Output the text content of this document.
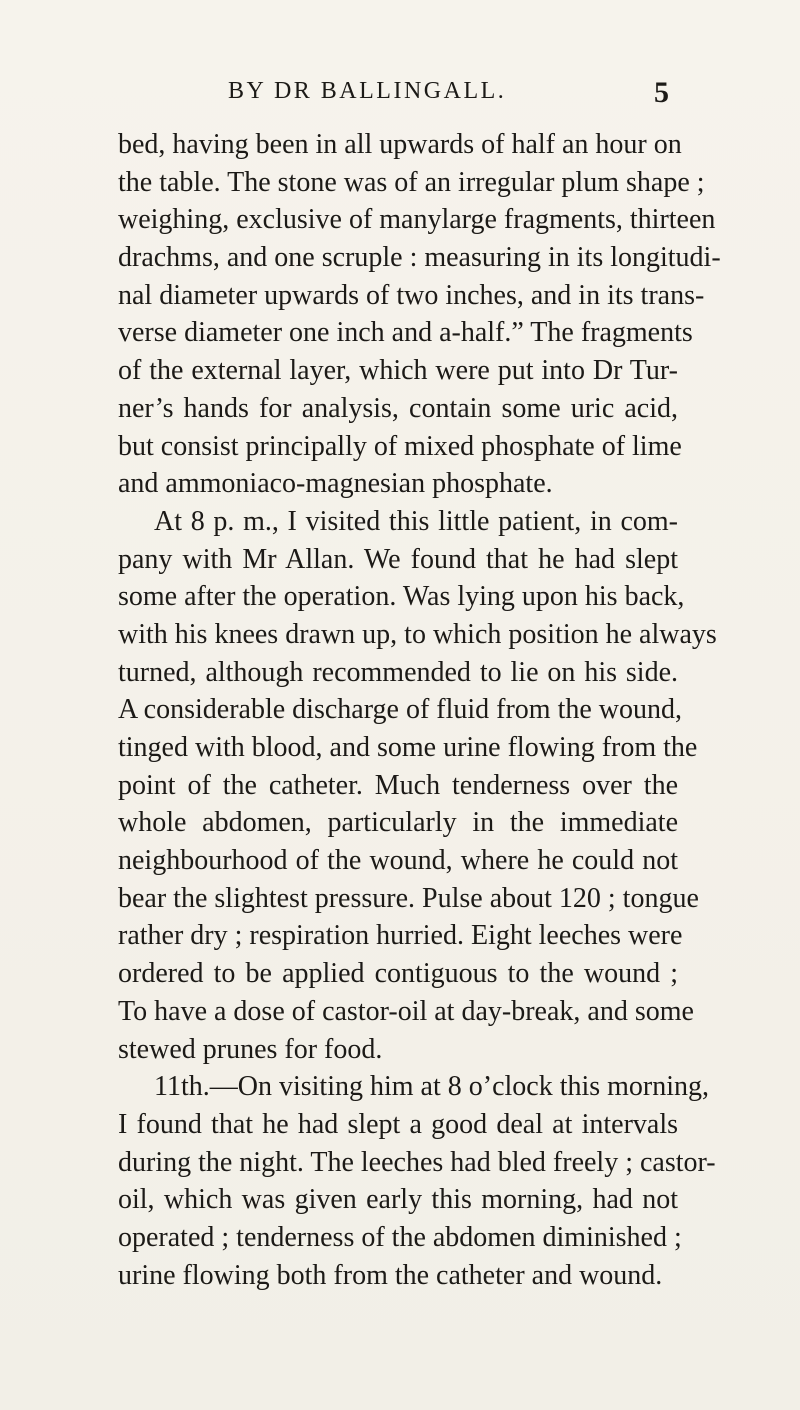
BY DR BALLINGALL.	5
bed, having been in all upwards of half an hour on
the table. The stone was of an irregular plum shape ;
weighing, exclusive of manylarge fragments, thirteen
drachms, and one scruple : measuring in its longitudi-
nal diameter upwards of two inches, and in its trans-
verse diameter one inch and a-half.” The fragments
of the external layer, which were put into Dr Tur-
ner’s hands for analysis, contain some uric acid,
but consist principally of mixed phosphate of lime
and ammoniaco-magnesian phosphate.
At 8 p. m., I visited this little patient, in com-
pany with Mr Allan. We found that he had slept
some after the operation. Was lying upon his back,
with his knees drawn up, to which position he always
turned, although recommended to lie on his side.
A considerable discharge of fluid from the wound,
tinged with blood, and some urine flowing from the
point of the catheter. Much tenderness over the
whole abdomen, particularly in the immediate
neighbourhood of the wound, where he could not
bear the slightest pressure. Pulse about 120 ; tongue
rather dry ; respiration hurried. Eight leeches were
ordered to be applied contiguous to the wound ;
To have a dose of castor-oil at day-break, and some
stewed prunes for food.
11th.—On visiting him at 8 o’clock this morning,
I found that he had slept a good deal at intervals
during the night. The leeches had bled freely ; castor-
oil, which was given early this morning, had not
operated ; tenderness of the abdomen diminished ;
urine flowing both from the catheter and wound.
